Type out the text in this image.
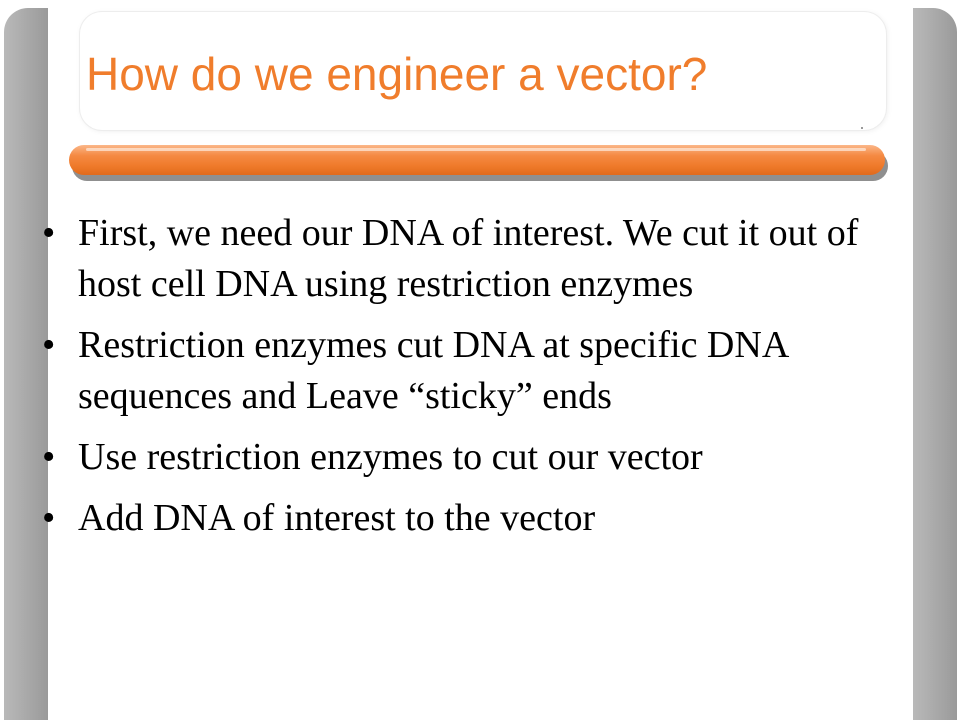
How do we engineer a vector?
• First, we need our DNA of interest. We cut it out of host cell DNA using restriction enzymes
• Restriction enzymes cut DNA at specific DNA sequences and Leave “sticky” ends
• Use restriction enzymes to cut our vector
• Add DNA of interest to the vector
